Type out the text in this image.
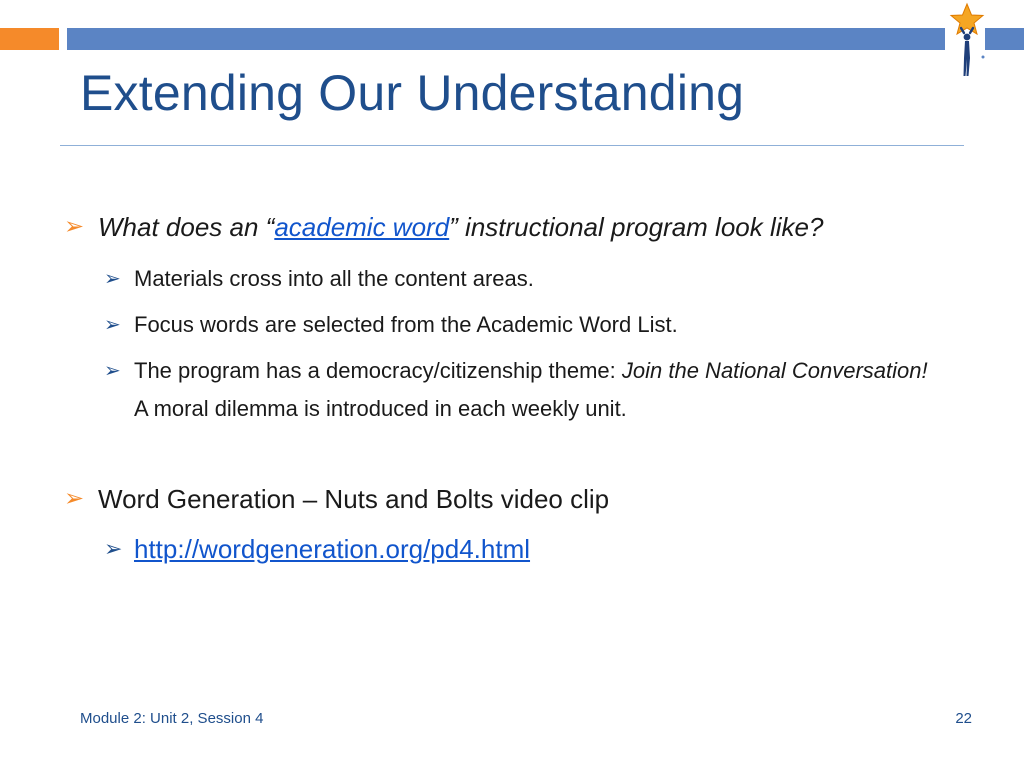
Extending Our Understanding
➢ What does an “academic word” instructional program look like?
➢ Materials cross into all the content areas.
➢ Focus words are selected from the Academic Word List.
➢ The program has a democracy/citizenship theme: Join the National Conversation! A moral dilemma is introduced in each weekly unit.
➢ Word Generation – Nuts and Bolts video clip
➢ http://wordgeneration.org/pd4.html
Module 2: Unit 2, Session 4	22
